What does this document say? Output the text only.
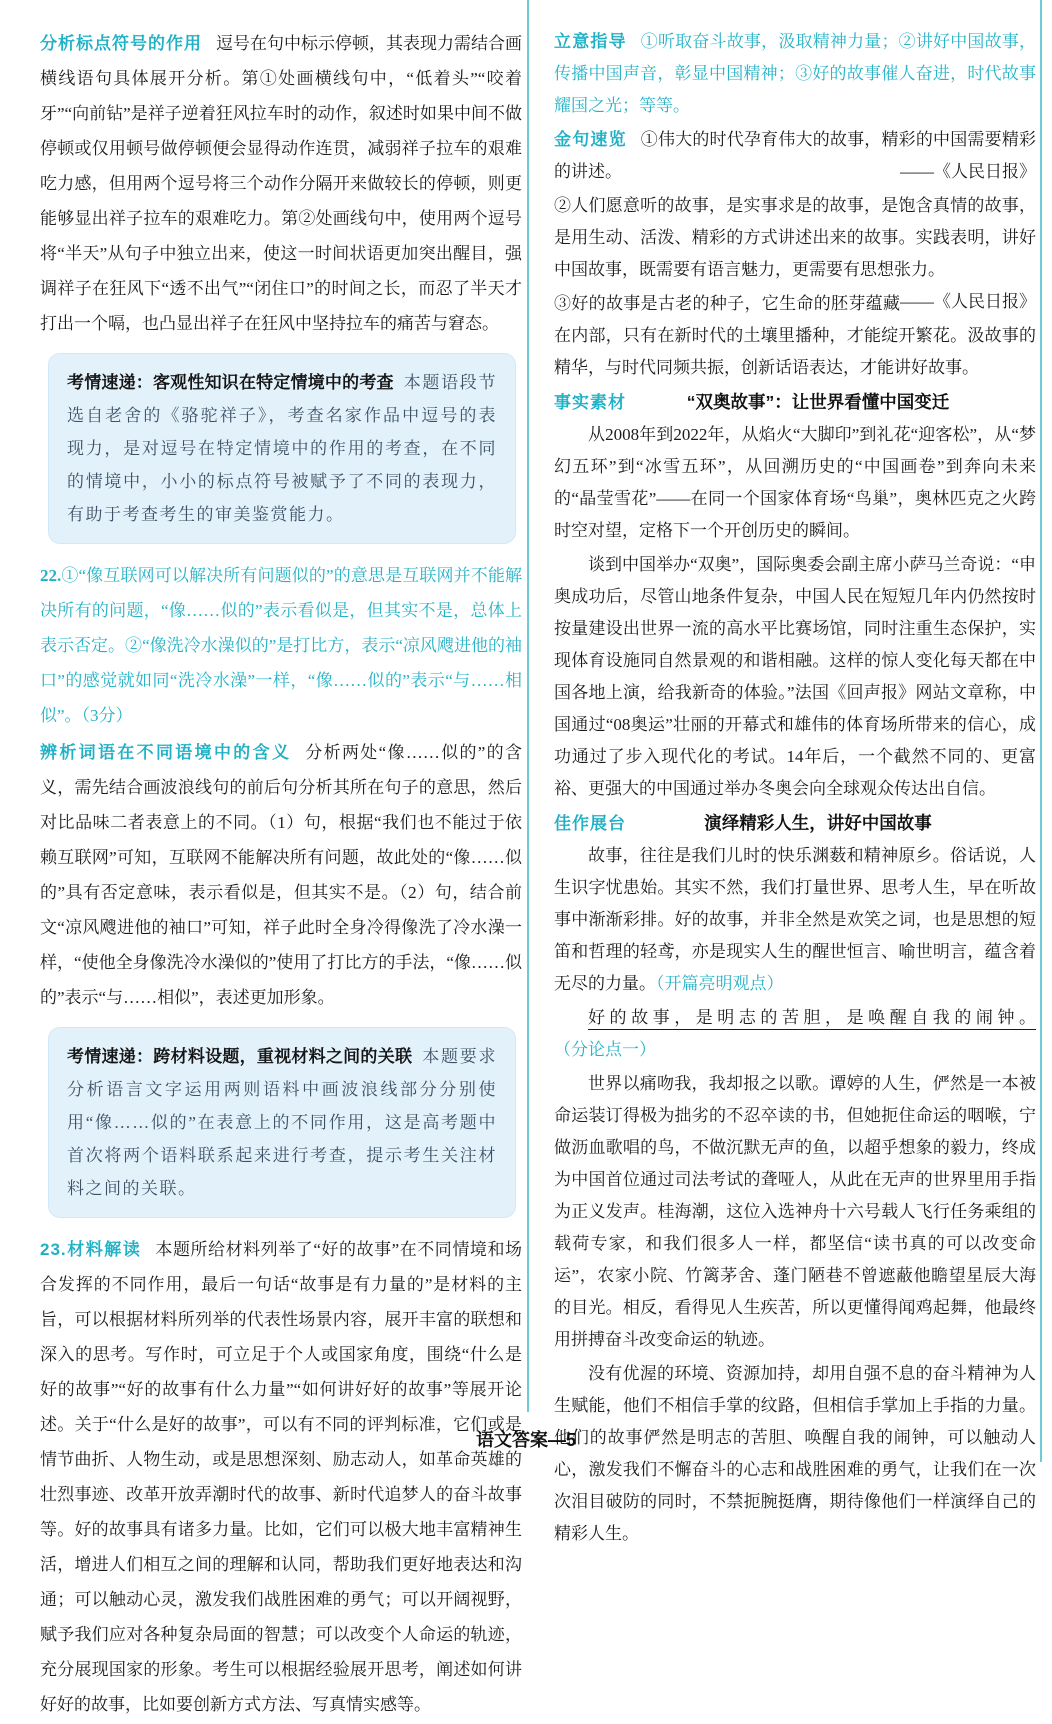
分析标点符号的作用 逗号在句中标示停顿，其表现力需结合画横线语句具体展开分析。第①处画横线句中，“低着头”“咬着牙”“向前钻”是祥子逆着狂风拉车时的动作，叙述时如果中间不做停顿或仅用顿号做停顿便会显得动作连贯，减弱祥子拉车的艰难吃力感，但用两个逗号将三个动作分隔开来做较长的停顿，则更能够显出祥子拉车的艰难吃力。第②处画线句中，使用两个逗号将“半天”从句子中独立出来，使这一时间状语更加突出醒目，强调祥子在狂风下“透不出气”“闭住口”的时间之长，而忍了半天才打出一个嗝，也凸显出祥子在狂风中坚持拉车的痛苦与窘态。

考情速递：客观性知识在特定情境中的考查 本题语段节选自老舍的《骆驼祥子》，考查名家作品中逗号的表现力，是对逗号在特定情境中的作用的考查，在不同的情境中，小小的标点符号被赋予了不同的表现力，有助于考查考生的审美鉴赏能力。

22.①“像互联网可以解决所有问题似的”的意思是互联网并不能解决所有的问题，“像……似的”表示看似是，但其实不是，总体上表示否定。②“像洗冷水澡似的”是打比方，表示“凉风飕进他的袖口”的感觉就如同“洗冷水澡”一样，“像……似的”表示“与……相似”。（3分）

辨析词语在不同语境中的含义 分析两处“像……似的”的含义，需先结合画波浪线句的前后句分析其所在句子的意思，然后对比品味二者表意上的不同。（1）句，根据“我们也不能过于依赖互联网”可知，互联网不能解决所有问题，故此处的“像……似的”具有否定意味，表示看似是，但其实不是。（2）句，结合前文“凉风飕进他的袖口”可知，祥子此时全身冷得像洗了冷水澡一样，“使他全身像洗冷水澡似的”使用了打比方的手法，“像……似的”表示“与……相似”，表述更加形象。

考情速递：跨材料设题，重视材料之间的关联 本题要求分析语言文字运用两则语料中画波浪线部分分别使用“像……似的”在表意上的不同作用，这是高考题中首次将两个语料联系起来进行考查，提示考生关注材料之间的关联。

23.材料解读 本题所给材料列举了“好的故事”在不同情境和场合发挥的不同作用，最后一句话“故事是有力量的”是材料的主旨，可以根据材料所列举的代表性场景内容，展开丰富的联想和深入的思考。写作时，可立足于个人或国家角度，围绕“什么是好的故事”“好的故事有什么力量”“如何讲好好的故事”等展开论述。关于“什么是好的故事”，可以有不同的评判标准，它们或是情节曲折、人物生动，或是思想深刻、励志动人，如革命英雄的壮烈事迹、改革开放弄潮时代的故事、新时代追梦人的奋斗故事等。好的故事具有诸多力量。比如，它们可以极大地丰富精神生活，增进人们相互之间的理解和认同，帮助我们更好地表达和沟通；可以触动心灵，激发我们战胜困难的勇气；可以开阔视野，赋予我们应对各种复杂局面的智慧；可以改变个人命运的轨迹，充分展现国家的形象。考生可以根据经验展开思考，阐述如何讲好好的故事，比如要创新方式方法、写真情实感等。

立意指导 ①听取奋斗故事，汲取精神力量；②讲好中国故事，传播中国声音，彰显中国精神；③好的故事催人奋进，时代故事耀国之光；等等。

金句速览 ①伟大的时代孕育伟大的故事，精彩的中国需要精彩的讲述。	——《人民日报》

②人们愿意听的故事，是实事求是的故事，是饱含真情的故事，是用生动、活泼、精彩的方式讲述出来的故事。实践表明，讲好中国故事，既需要有语言魅力，更需要有思想张力。
——《人民日报》

③好的故事是古老的种子，它生命的胚芽蕴藏在内部，只有在新时代的土壤里播种，才能绽开繁花。汲故事的精华，与时代同频共振，创新话语表达，才能讲好故事。

事实素材	“双奥故事”：让世界看懂中国变迁

从2008年到2022年，从焰火“大脚印”到礼花“迎客松”，从“梦幻五环”到“冰雪五环”，从回溯历史的“中国画卷”到奔向未来的“晶莹雪花”——在同一个国家体育场“鸟巢”，奥林匹克之火跨时空对望，定格下一个开创历史的瞬间。

谈到中国举办“双奥”，国际奥委会副主席小萨马兰奇说：“申奥成功后，尽管山地条件复杂，中国人民在短短几年内仍然按时按量建设出世界一流的高水平比赛场馆，同时注重生态保护，实现体育设施同自然景观的和谐相融。这样的惊人变化每天都在中国各地上演，给我新奇的体验。”法国《回声报》网站文章称，中国通过“08奥运”壮丽的开幕式和雄伟的体育场所带来的信心，成功通过了步入现代化的考试。14年后，一个截然不同的、更富裕、更强大的中国通过举办冬奥会向全球观众传达出自信。

佳作展台	演绎精彩人生，讲好中国故事

故事，往往是我们儿时的快乐渊薮和精神原乡。俗话说，人生识字忧患始。其实不然，我们打量世界、思考人生，早在听故事中渐渐彩排。好的故事，并非全然是欢笑之词，也是思想的短笛和哲理的轻鸢，亦是现实人生的醒世恒言、喻世明言，蕴含着无尽的力量。（开篇亮明观点）

好的故事，是明志的苦胆，是唤醒自我的闹钟。（分论点一）

世界以痛吻我，我却报之以歌。谭婷的人生，俨然是一本被命运装订得极为拙劣的不忍卒读的书，但她扼住命运的咽喉，宁做沥血歌唱的鸟，不做沉默无声的鱼，以超乎想象的毅力，终成为中国首位通过司法考试的聋哑人，从此在无声的世界里用手指为正义发声。桂海潮，这位入选神舟十六号载人飞行任务乘组的载荷专家，和我们很多人一样，都坚信“读书真的可以改变命运”，农家小院、竹篱茅舍、蓬门陋巷不曾遮蔽他瞻望星辰大海的目光。相反，看得见人生疾苦，所以更懂得闻鸡起舞，他最终用拼搏奋斗改变命运的轨迹。

没有优渥的环境、资源加持，却用自强不息的奋斗精神为人生赋能，他们不相信手掌的纹路，但相信手掌加上手指的力量。他们的故事俨然是明志的苦胆、唤醒自我的闹钟，可以触动人心，激发我们不懈奋斗的心志和战胜困难的勇气，让我们在一次次泪目破防的同时，不禁扼腕挺膺，期待像他们一样演绎自己的精彩人生。

语文答案—5
